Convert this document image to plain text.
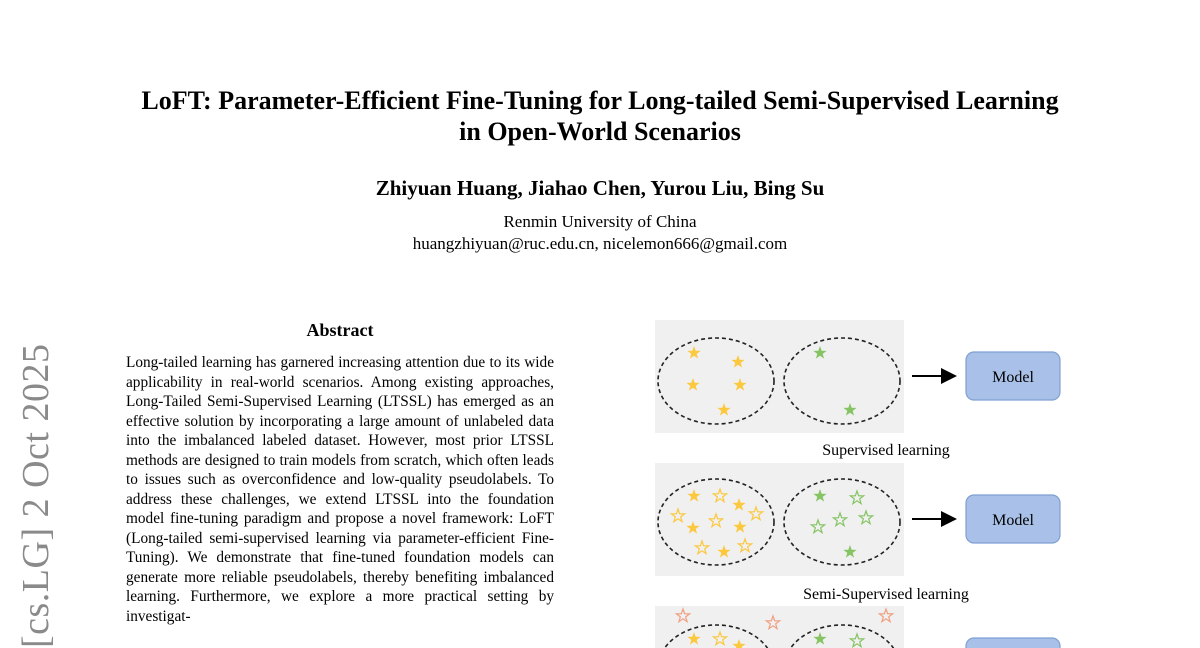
LoFT: Parameter-Efficient Fine-Tuning for Long-tailed Semi-Supervised Learning
in Open-World Scenarios
Zhiyuan Huang, Jiahao Chen, Yurou Liu, Bing Su
Renmin University of China
huangzhiyuan@ruc.edu.cn, nicelemon666@gmail.com
[cs.LG] 2 Oct 2025
Abstract
Long-tailed learning has garnered increasing attention due to its wide applicability in real-world scenarios. Among existing approaches, Long-Tailed Semi-Supervised Learning (LTSSL) has emerged as an effective solution by incorporating a large amount of unlabeled data into the imbalanced labeled dataset. However, most prior LTSSL methods are designed to train models from scratch, which often leads to issues such as overconfidence and low-quality pseudolabels. To address these challenges, we extend LTSSL into the foundation model fine-tuning paradigm and propose a novel framework: LoFT (Long-tailed semi-supervised learning via parameter-efficient Fine-Tuning). We demonstrate that fine-tuned foundation models can generate more reliable pseudolabels, thereby benefiting imbalanced learning. Furthermore, we explore a more practical setting by investigat-
Model
Supervised learning
Model
Semi-Supervised learning
